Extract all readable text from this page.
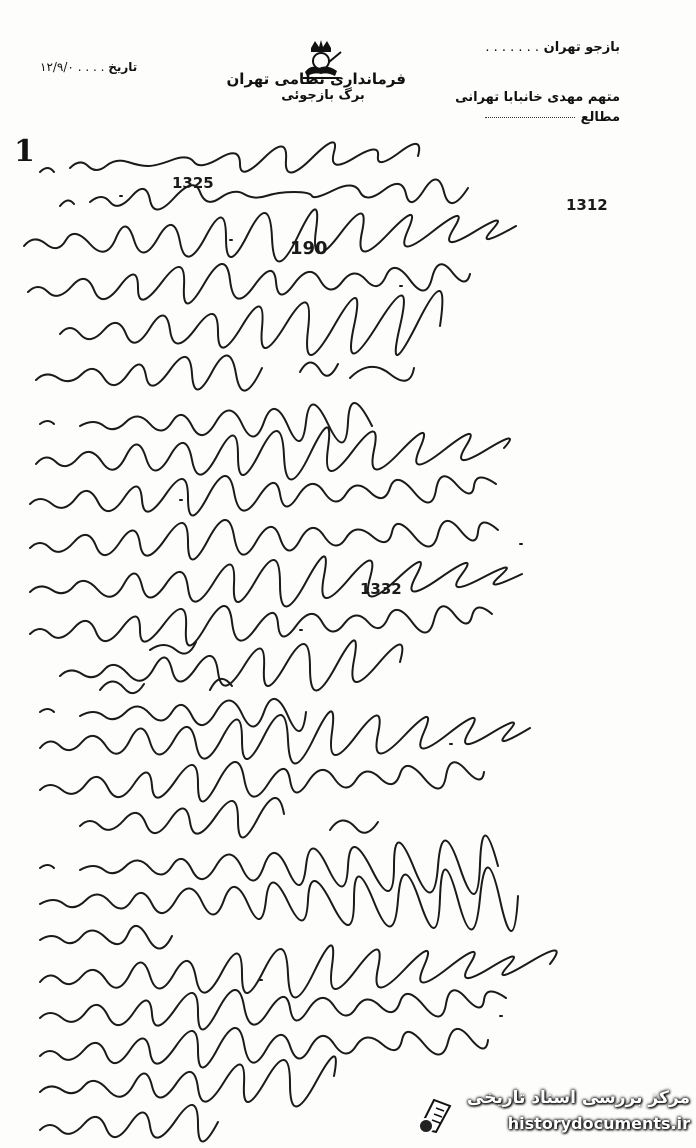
فرمانداری نظامی تهران
برگ بازجوئی
۱۲/۹/۰ . . . . تاریخ
بازجو تهران . . . . . . .
متهم مهدی خانبابا تهرانی
مطالع
1
190
1332
1325
1312
مرکز بررسی اسناد تاریخی
historydocuments.ir
